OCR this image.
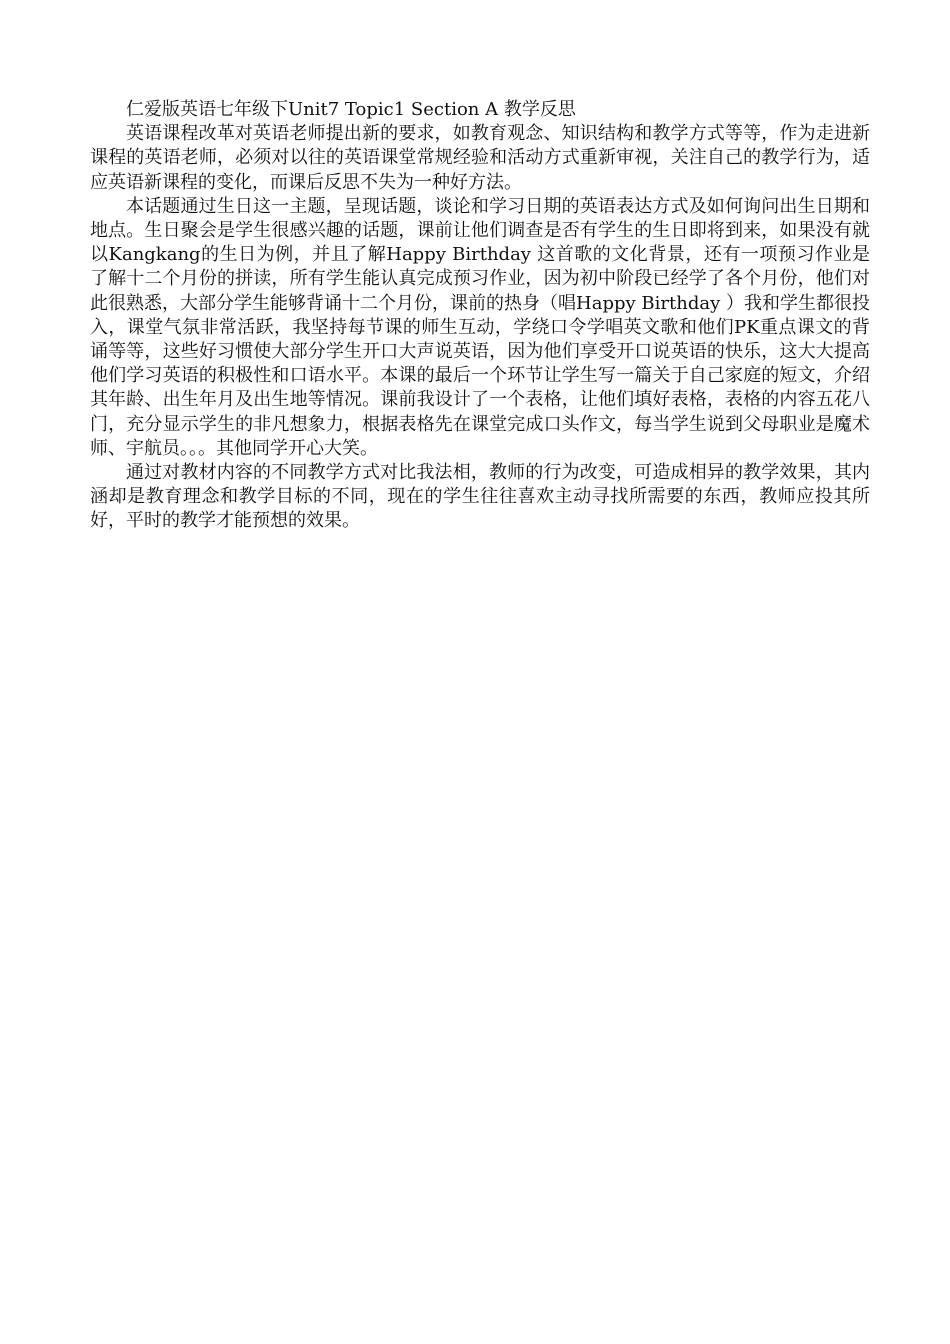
仁爱版英语七年级下Unit7 Topic1 Section A 教学反思

英语课程改革对英语老师提出新的要求，如教育观念、知识结构和教学方式等等，作为走进新课程的英语老师，必须对以往的英语课堂常规经验和活动方式重新审视，关注自己的教学行为，适应英语新课程的变化，而课后反思不失为一种好方法。

本话题通过生日这一主题，呈现话题，谈论和学习日期的英语表达方式及如何询问出生日期和地点。生日聚会是学生很感兴趣的话题，课前让他们调查是否有学生的生日即将到来，如果没有就以Kangkang的生日为例，并且了解Happy Birthday 这首歌的文化背景，还有一项预习作业是了解十二个月份的拼读，所有学生能认真完成预习作业，因为初中阶段已经学了各个月份，他们对此很熟悉，大部分学生能够背诵十二个月份，课前的热身（唱Happy Birthday ）我和学生都很投入，课堂气氛非常活跃，我坚持每节课的师生互动，学绕口令学唱英文歌和他们PK重点课文的背诵等等，这些好习惯使大部分学生开口大声说英语，因为他们享受开口说英语的快乐，这大大提高他们学习英语的积极性和口语水平。本课的最后一个环节让学生写一篇关于自己家庭的短文，介绍其年龄、出生年月及出生地等情况。课前我设计了一个表格，让他们填好表格，表格的内容五花八门，充分显示学生的非凡想象力，根据表格先在课堂完成口头作文，每当学生说到父母职业是魔术师、宇航员。。。其他同学开心大笑。

通过对教材内容的不同教学方式对比我法相，教师的行为改变，可造成相异的教学效果，其内涵却是教育理念和教学目标的不同，现在的学生往往喜欢主动寻找所需要的东西，教师应投其所好，平时的教学才能预想的效果。
